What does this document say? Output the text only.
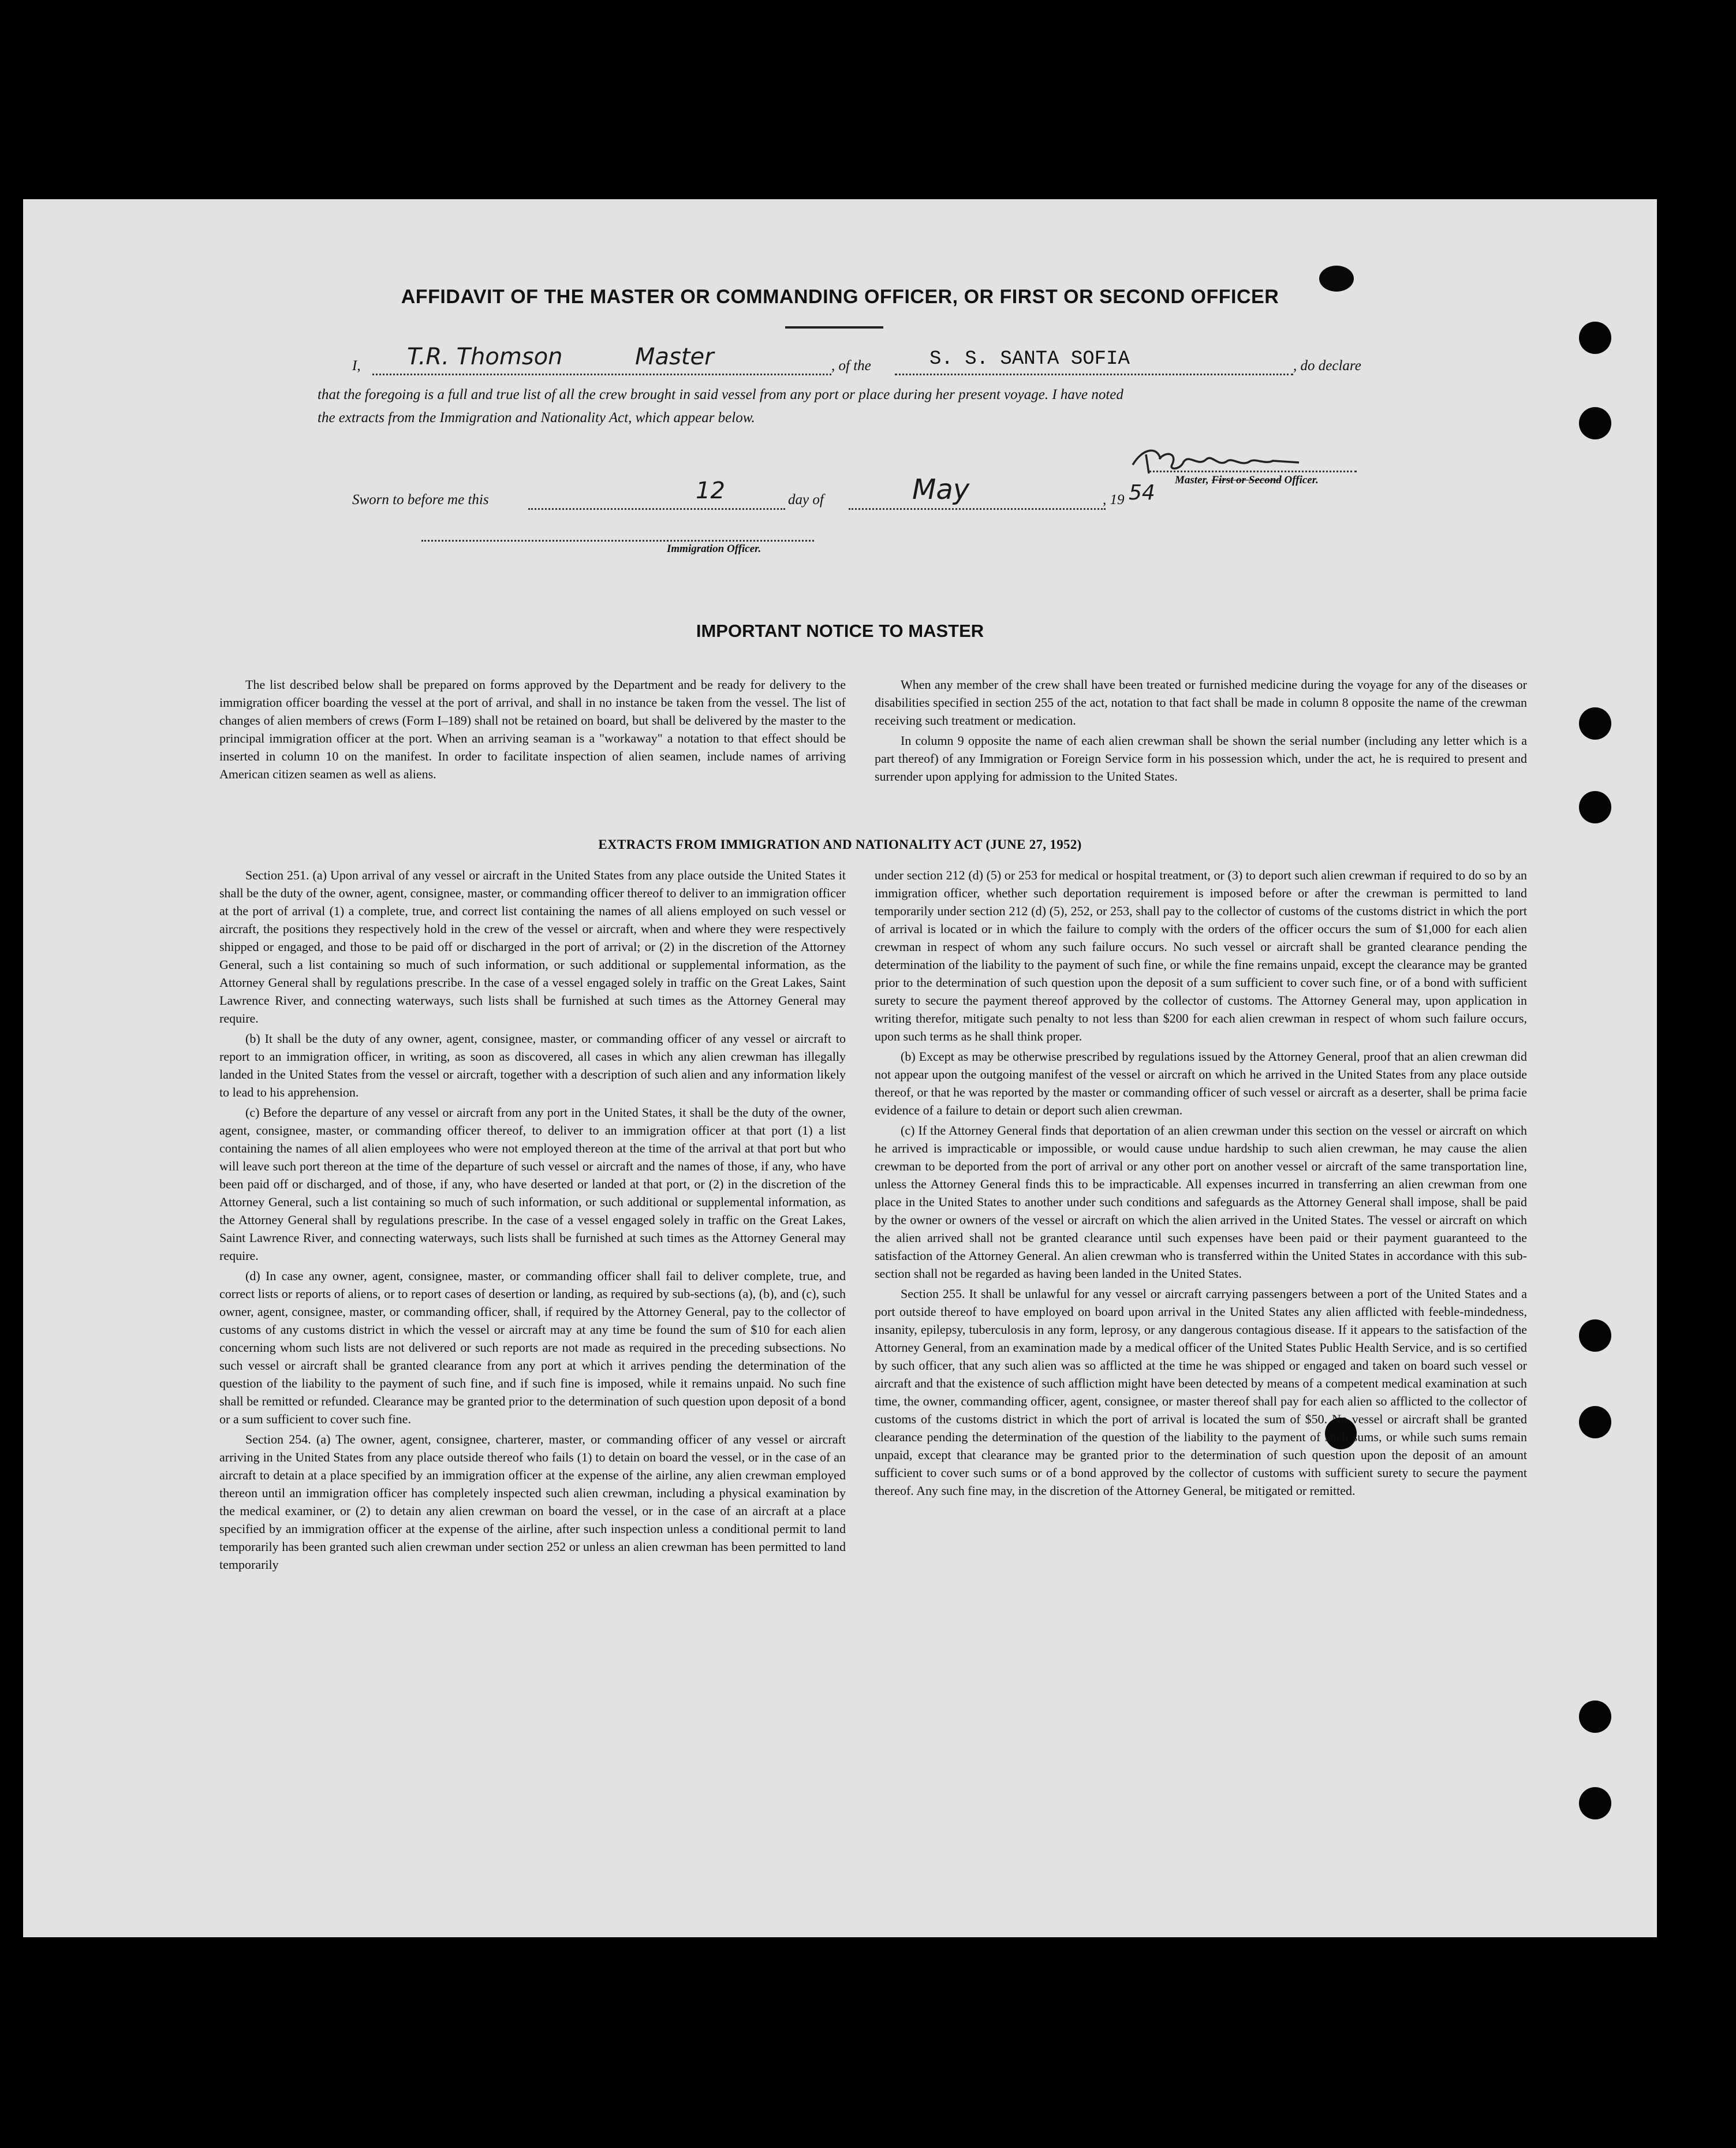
AFFIDAVIT OF THE MASTER OR COMMANDING OFFICER, OR FIRST OR SECOND OFFICER
I, T.R. Thomson	Master	, of the	S. S. SANTA SOFIA	, do declare
that the foregoing is a full and true list of all the crew brought in said vessel from any port or place during her present voyage. I have noted
the extracts from the Immigration and Nationality Act, which appear below.
Master, First or Second Officer.
Sworn to before me this	12	day of	May	, 19 54
Immigration Officer.
IMPORTANT NOTICE TO MASTER

The list described below shall be prepared on forms approved by the Department and be ready for delivery to the immigration officer boarding the vessel at the port of arrival, and shall in no instance be taken from the vessel. The list of changes of alien members of crews (Form I–189) shall not be retained on board, but shall be delivered by the master to the principal immigration officer at the port. When an arriving seaman is a "workaway" a notation to that effect should be inserted in column 10 on the manifest. In order to facilitate inspection of alien seamen, include names of arriving American citizen seamen as well as aliens.

When any member of the crew shall have been treated or furnished medicine during the voyage for any of the diseases or disabilities specified in section 255 of the act, notation to that fact shall be made in column 8 opposite the name of the crewman receiving such treatment or medication.

In column 9 opposite the name of each alien crewman shall be shown the serial number (including any letter which is a part thereof) of any Immigration or Foreign Service form in his possession which, under the act, he is required to present and surrender upon applying for admission to the United States.

EXTRACTS FROM IMMIGRATION AND NATIONALITY ACT (JUNE 27, 1952)

Section 251. (a) Upon arrival of any vessel or aircraft in the United States from any place outside the United States it shall be the duty of the owner, agent, consignee, master, or commanding officer thereof to deliver to an immigration officer at the port of arrival (1) a complete, true, and correct list containing the names of all aliens employed on such vessel or aircraft, the positions they respectively hold in the crew of the vessel or aircraft, when and where they were respectively shipped or engaged, and those to be paid off or discharged in the port of arrival; or (2) in the discretion of the Attorney General, such a list containing so much of such information, or such additional or supplemental information, as the Attorney General shall by regulations prescribe. In the case of a vessel engaged solely in traffic on the Great Lakes, Saint Lawrence River, and connecting waterways, such lists shall be furnished at such times as the Attorney General may require.

(b) It shall be the duty of any owner, agent, consignee, master, or commanding officer of any vessel or aircraft to report to an immigration officer, in writing, as soon as discovered, all cases in which any alien crewman has illegally landed in the United States from the vessel or aircraft, together with a description of such alien and any information likely to lead to his apprehension.

(c) Before the departure of any vessel or aircraft from any port in the United States, it shall be the duty of the owner, agent, consignee, master, or commanding officer thereof, to deliver to an immigration officer at that port (1) a list containing the names of all alien employees who were not employed thereon at the time of the arrival at that port but who will leave such port thereon at the time of the departure of such vessel or aircraft and the names of those, if any, who have been paid off or discharged, and of those, if any, who have deserted or landed at that port, or (2) in the discretion of the Attorney General, such a list containing so much of such information, or such additional or supplemental information, as the Attorney General shall by regulations prescribe. In the case of a vessel engaged solely in traffic on the Great Lakes, Saint Lawrence River, and connecting waterways, such lists shall be furnished at such times as the Attorney General may require.

(d) In case any owner, agent, consignee, master, or commanding officer shall fail to deliver complete, true, and correct lists or reports of aliens, or to report cases of desertion or landing, as required by sub-sections (a), (b), and (c), such owner, agent, consignee, master, or commanding officer, shall, if required by the Attorney General, pay to the collector of customs of any customs district in which the vessel or aircraft may at any time be found the sum of $10 for each alien concerning whom such lists are not delivered or such reports are not made as required in the preceding subsections. No such vessel or aircraft shall be granted clearance from any port at which it arrives pending the determination of the question of the liability to the payment of such fine, and if such fine is imposed, while it remains unpaid. No such fine shall be remitted or refunded. Clearance may be granted prior to the determination of such question upon deposit of a bond or a sum sufficient to cover such fine.

Section 254. (a) The owner, agent, consignee, charterer, master, or commanding officer of any vessel or aircraft arriving in the United States from any place outside thereof who fails (1) to detain on board the vessel, or in the case of an aircraft to detain at a place specified by an immigration officer at the expense of the airline, any alien crewman employed thereon until an immigration officer has completely inspected such alien crewman, including a physical examination by the medical examiner, or (2) to detain any alien crewman on board the vessel, or in the case of an aircraft at a place specified by an immigration officer at the expense of the airline, after such inspection unless a conditional permit to land temporarily has been granted such alien crewman under section 252 or unless an alien crewman has been permitted to land temporarily

under section 212 (d) (5) or 253 for medical or hospital treatment, or (3) to deport such alien crewman if required to do so by an immigration officer, whether such deportation requirement is imposed before or after the crewman is permitted to land temporarily under section 212 (d) (5), 252, or 253, shall pay to the collector of customs of the customs district in which the port of arrival is located or in which the failure to comply with the orders of the officer occurs the sum of $1,000 for each alien crewman in respect of whom any such failure occurs. No such vessel or aircraft shall be granted clearance pending the determination of the liability to the payment of such fine, or while the fine remains unpaid, except the clearance may be granted prior to the determination of such question upon the deposit of a sum sufficient to cover such fine, or of a bond with sufficient surety to secure the payment thereof approved by the collector of customs. The Attorney General may, upon application in writing therefor, mitigate such penalty to not less than $200 for each alien crewman in respect of whom such failure occurs, upon such terms as he shall think proper.

(b) Except as may be otherwise prescribed by regulations issued by the Attorney General, proof that an alien crewman did not appear upon the outgoing manifest of the vessel or aircraft on which he arrived in the United States from any place outside thereof, or that he was reported by the master or commanding officer of such vessel or aircraft as a deserter, shall be prima facie evidence of a failure to detain or deport such alien crewman.

(c) If the Attorney General finds that deportation of an alien crewman under this section on the vessel or aircraft on which he arrived is impracticable or impossible, or would cause undue hardship to such alien crewman, he may cause the alien crewman to be deported from the port of arrival or any other port on another vessel or aircraft of the same transportation line, unless the Attorney General finds this to be impracticable. All expenses incurred in transferring an alien crewman from one place in the United States to another under such conditions and safeguards as the Attorney General shall impose, shall be paid by the owner or owners of the vessel or aircraft on which the alien arrived in the United States. The vessel or aircraft on which the alien arrived shall not be granted clearance until such expenses have been paid or their payment guaranteed to the satisfaction of the Attorney General. An alien crewman who is transferred within the United States in accordance with this sub-section shall not be regarded as having been landed in the United States.

Section 255. It shall be unlawful for any vessel or aircraft carrying passengers between a port of the United States and a port outside thereof to have employed on board upon arrival in the United States any alien afflicted with feeble-mindedness, insanity, epilepsy, tuberculosis in any form, leprosy, or any dangerous contagious disease. If it appears to the satisfaction of the Attorney General, from an examination made by a medical officer of the United States Public Health Service, and is so certified by such officer, that any such alien was so afflicted at the time he was shipped or engaged and taken on board such vessel or aircraft and that the existence of such affliction might have been detected by means of a competent medical examination at such time, the owner, commanding officer, agent, consignee, or master thereof shall pay for each alien so afflicted to the collector of customs of the customs district in which the port of arrival is located the sum of $50. No vessel or aircraft shall be granted clearance pending the determination of the question of the liability to the payment of such sums, or while such sums remain unpaid, except that clearance may be granted prior to the determination of such question upon the deposit of an amount sufficient to cover such sums or of a bond approved by the collector of customs with sufficient surety to secure the payment thereof. Any such fine may, in the discretion of the Attorney General, be mitigated or remitted.
